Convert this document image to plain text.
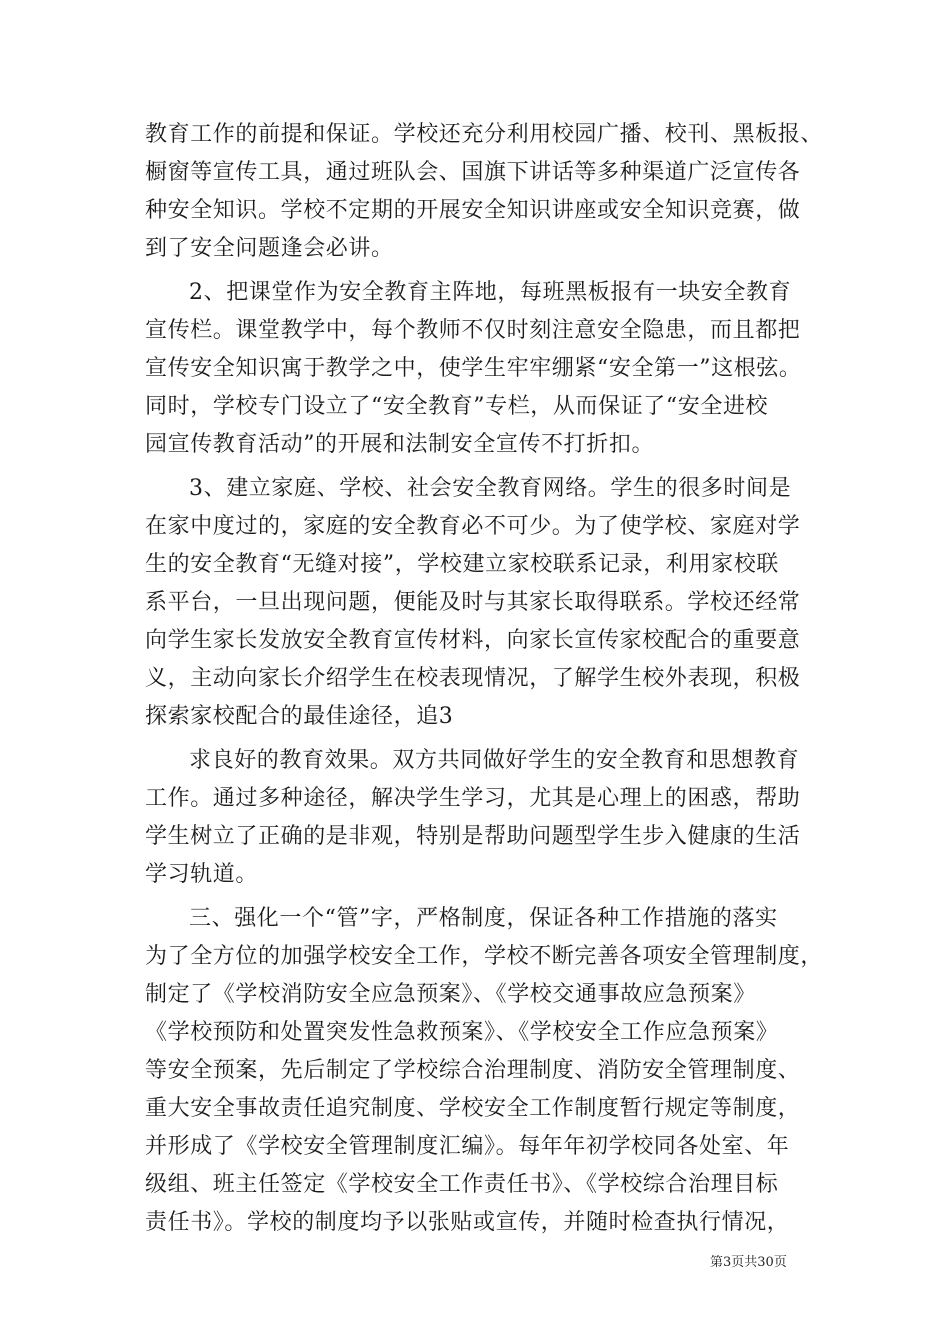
教育工作的前提和保证。学校还充分利用校园广播、校刊、黑板报、
橱窗等宣传工具，通过班队会、国旗下讲话等多种渠道广泛宣传各
种安全知识。学校不定期的开展安全知识讲座或安全知识竞赛，做
到了安全问题逢会必讲。
2、把课堂作为安全教育主阵地，每班黑板报有一块安全教育
宣传栏。课堂教学中，每个教师不仅时刻注意安全隐患，而且都把
宣传安全知识寓于教学之中，使学生牢牢绷紧“安全第一”这根弦。
同时，学校专门设立了“安全教育”专栏，从而保证了“安全进校
园宣传教育活动”的开展和法制安全宣传不打折扣。
3、建立家庭、学校、社会安全教育网络。学生的很多时间是
在家中度过的，家庭的安全教育必不可少。为了使学校、家庭对学
生的安全教育“无缝对接”，学校建立家校联系记录，利用家校联
系平台，一旦出现问题，便能及时与其家长取得联系。学校还经常
向学生家长发放安全教育宣传材料，向家长宣传家校配合的重要意
义，主动向家长介绍学生在校表现情况，了解学生校外表现，积极
探索家校配合的最佳途径，追3
求良好的教育效果。双方共同做好学生的安全教育和思想教育
工作。通过多种途径，解决学生学习，尤其是心理上的困惑，帮助
学生树立了正确的是非观，特别是帮助问题型学生步入健康的生活
学习轨道。
三、强化一个“管”字，严格制度，保证各种工作措施的落实
为了全方位的加强学校安全工作，学校不断完善各项安全管理制度，
制定了《学校消防安全应急预案》、《学校交通事故应急预案》
《学校预防和处置突发性急救预案》、《学校安全工作应急预案》
等安全预案，先后制定了学校综合治理制度、消防安全管理制度、
重大安全事故责任追究制度、学校安全工作制度暂行规定等制度，
并形成了《学校安全管理制度汇编》。每年年初学校同各处室、年
级组、班主任签定《学校安全工作责任书》、《学校综合治理目标
责任书》。学校的制度均予以张贴或宣传，并随时检查执行情况，
第3页共30页
